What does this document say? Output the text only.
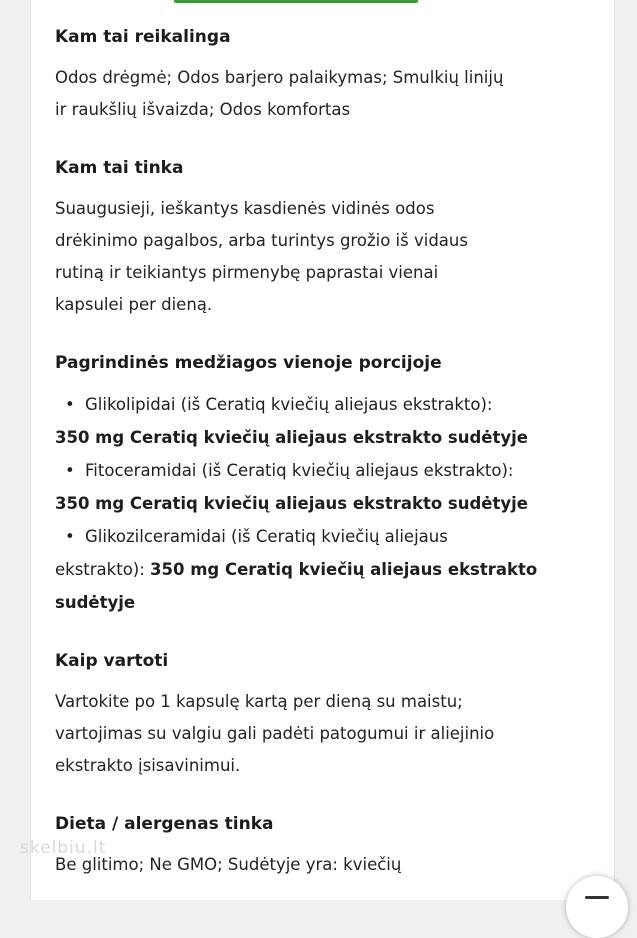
Kam tai reikalinga

Odos drėgmė; Odos barjero palaikymas; Smulkių linijų
ir raukšlių išvaizda; Odos komfortas

Kam tai tinka

Suaugusieji, ieškantys kasdienės vidinės odos
drėkinimo pagalbos, arba turintys grožio iš vidaus
rutiną ir teikiantys pirmenybę paprastai vienai
kapsulei per dieną.

Pagrindinės medžiagos vienoje porcijoje

• Glikolipidai (iš Ceratiq kviečių aliejaus ekstrakto):

350 mg Ceratiq kviečių aliejaus ekstrakto sudėtyje

• Fitoceramidai (iš Ceratiq kviečių aliejaus ekstrakto):

350 mg Ceratiq kviečių aliejaus ekstrakto sudėtyje

• Glikozilceramidai (iš Ceratiq kviečių aliejaus

ekstrakto): 350 mg Ceratiq kviečių aliejaus ekstrakto

sudėtyje

Kaip vartoti

Vartokite po 1 kapsulę kartą per dieną su maistu;
vartojimas su valgiu gali padėti patogumui ir aliejinio
ekstrakto įsisavinimui.

Dieta / alergenas tinka

Be glitimo; Ne GMO; Sudėtyje yra: kviečių

skelbiu.lt
